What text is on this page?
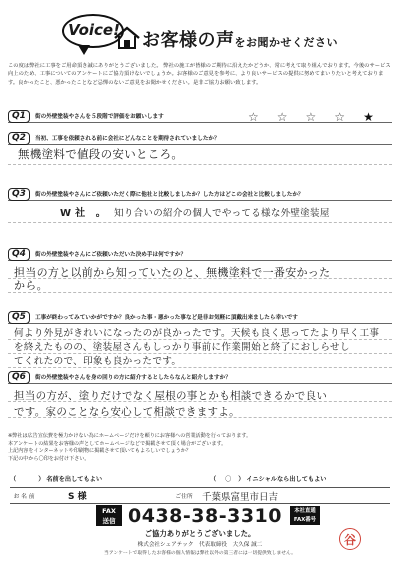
Voice! お客様の声をお聞かせください
この度は弊社に工事をご用命頂き誠にありがとうございました。 弊社の施工が皆様のご期待に沿えたかどうか、常に考えて取り組んでおります。今後のサービス向上のため、工事についてのアンケートにご協力頂けないでしょうか。お客様のご意見を参考に、より良いサービスの提供に努めてまいりたいと考えております。良かったこと、悪かったことなど忌憚のないご意見をお聞かせください。是非ご協力お願い致します。
Q1	街の外壁塗装やさんを５段階で評価をお願いします	☆ ☆ ☆ ☆ ★
Q2	当初、工事を依頼される前に会社にどんなことを期待されていましたか？
無機塗料で値段の安いところ。
Q3	街の外壁塗装やさんにご依頼いただく際に他社と比較しましたか？した方はどこの会社と比較しましたか？
W 社　。 知り合いの紹介の個人でやってる様な外壁塗装屋
Q4	街の外壁塗装やさんにご依頼いただいた決め手は何ですか？
担当の方と以前から知っていたのと、無機塗料で一番安かった
から。
Q5	工事が終わってみていかがですか？良かった事・悪かった事など是非お気軽に頂戴出来ましたら幸いです
何より外見がきれいになったのが良かったです。天候も良く思ってたより早く工事
を終えたものの、塗装屋さんもしっかり事前に作業開始と終了におしらせし
てくれたので、印象も良かったです。
Q6	街の外壁塗装やさんを身の回りの方に紹介するとしたらなんと紹介しますか？
担当の方が、塗りだけでなく屋根の事とかも相談できるかで良い
です。家のことなら安心して相談できますよ。
※弊社は広告宣伝費を極力かけない為にホームページだけを頼りにお客様への営業活動を行っております。
本アンケートの結果をお客様の声としてホームページなどで掲載させて頂く場合がございます。
上記内容をインターネットや印刷物に掲載させて頂いてもよろしいでしょうか？
下記の中から〇印をお付け下さい。
（	） 名前を出してもよい	（	〇	） イニシャルなら出してもよい
お 名 前	S 様	ご住所 千葉県富里市日吉
FAX
送信 0438-38-3310	本社直通
FAX番号
ご協力ありがとうございました。
株式会社シェアテック　代表取締役　大久保 誠二
当アンケートで取得したお客様の個人情報は弊社以外の第三者には一切提供致しません。
谷
